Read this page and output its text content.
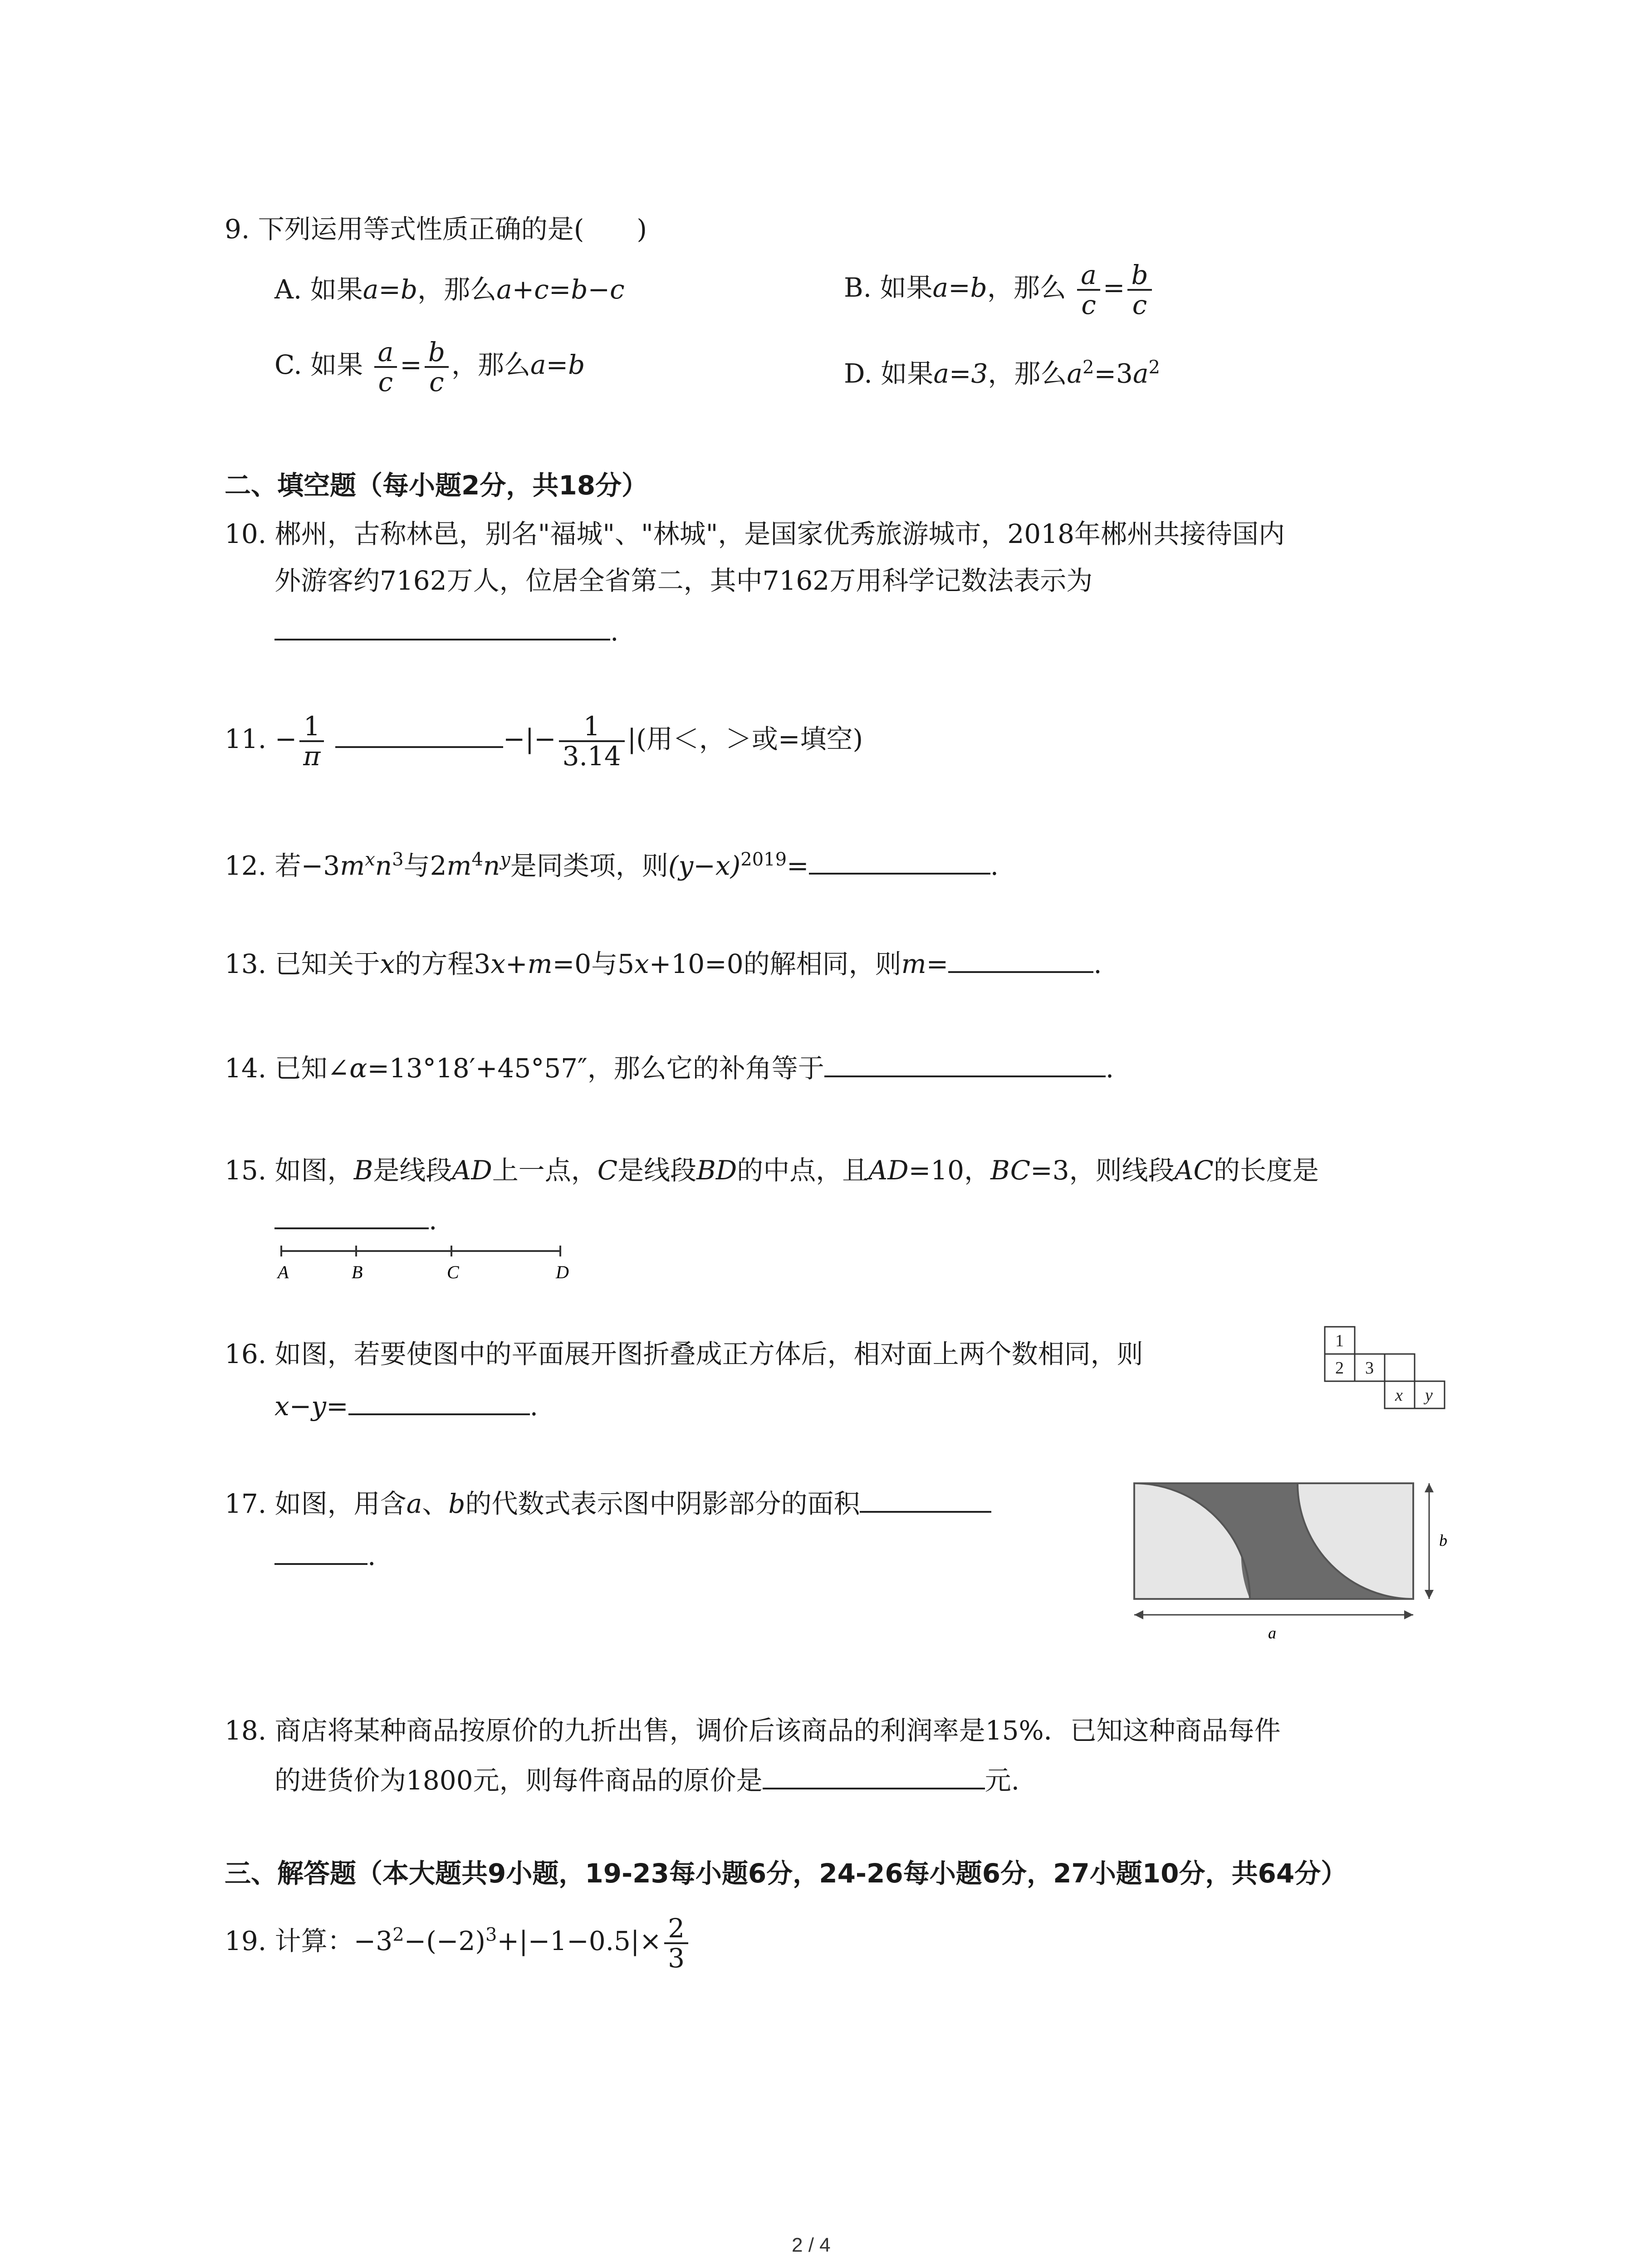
9. 下列运用等式性质正确的是(　　)
A. 如果a=b，那么a+c=b−c	B. 如果a=b，那么 $\frac{a}{c} = \frac{b}{c}$
C. 如果 $\frac{a}{c} = \frac{b}{c}$ ，那么a=b	D. 如果a=3，那么$a^2=3a^2$
二、填空题（每小题2分，共18分）
10. 郴州，古称林邑，别名"福城"、"林城"，是国家优秀旅游城市，2018年郴州共接待国内
外游客约7162万人，位居全省第二，其中7162万用科学记数法表示为
.
11. − $\frac{1}{\pi}$	−|− $\frac{1}{3.14}$ |(用＜，＞或=填空)
12. 若$-3m^xn^3$与$2m^4n^y$是同类项，则$(y-x)^{2019}=$	.
13. 已知关于x的方程3x+m=0与5x+10=0的解相同，则m=	.
14. 已知∠α=13°18′+45°57″，那么它的补角等于	.
15. 如图，B是线段AD上一点，C是线段BD的中点，且AD=10，BC=3，则线段AC的长度是
.
A	B	C	D
16. 如图，若要使图中的平面展开图折叠成正方体后，相对面上两个数相同，则
x−y=	.
1
2 3
x y
17. 如图，用含a、b的代数式表示图中阴影部分的面积
.	b
a
18. 商店将某种商品按原价的九折出售，调价后该商品的利润率是15%．已知这种商品每件
的进货价为1800元，则每件商品的原价是	元.
三、解答题（本大题共9小题，19-23每小题6分，24-26每小题6分，27小题10分，共64分）
19. 计算：$-3^2-(-2)^3+|-1-0.5|\times \frac{2}{3}$
2 / 4
